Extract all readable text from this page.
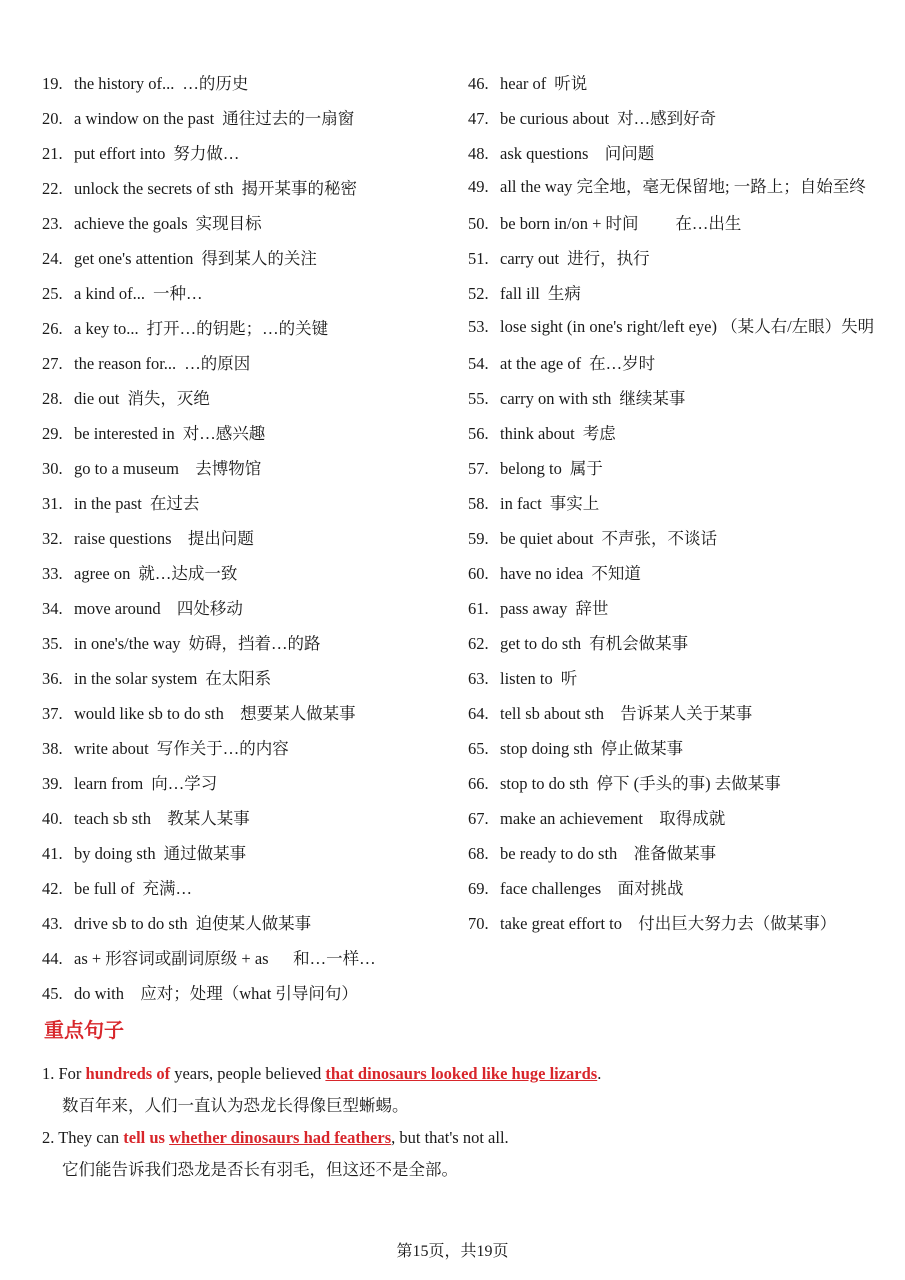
19. the history of... …的历史
20. a window on the past 通往过去的一扇窗
21. put effort into 努力做…
22. unlock the secrets of sth 揭开某事的秘密
23. achieve the goals 实现目标
24. get one's attention 得到某人的关注
25. a kind of... 一种…
26. a key to... 打开…的钥匙；…的关键
27. the reason for... …的原因
28. die out 消失，灭绝
29. be interested in 对…感兴趣
30. go to a museum 去博物馆
31. in the past 在过去
32. raise questions 提出问题
33. agree on 就…达成一致
34. move around 四处移动
35. in one's/the way 妨碍，挡着…的路
36. in the solar system 在太阳系
37. would like sb to do sth 想要某人做某事
38. write about 写作关于…的内容
39. learn from 向…学习
40. teach sb sth 教某人某事
41. by doing sth 通过做某事
42. be full of 充满…
43. drive sb to do sth 迫使某人做某事
44. as + 形容词或副词原级 + as 和…一样…
45. do with 应对；处理（what 引导问句）
46. hear of 听说
47. be curious about 对…感到好奇
48. ask questions 问问题
49. all the way 完全地，毫无保留地; 一路上；自始至终
50. be born in/on + 时间 在…出生
51. carry out 进行，执行
52. fall ill 生病
53. lose sight (in one's right/left eye) （某人右/左眼）失明
54. at the age of 在…岁时
55. carry on with sth 继续某事
56. think about 考虑
57. belong to 属于
58. in fact 事实上
59. be quiet about 不声张，不谈话
60. have no idea 不知道
61. pass away 辞世
62. get to do sth 有机会做某事
63. listen to 听
64. tell sb about sth 告诉某人关于某事
65. stop doing sth 停止做某事
66. stop to do sth 停下 (手头的事) 去做某事
67. make an achievement 取得成就
68. be ready to do sth 准备做某事
69. face challenges 面对挑战
70. take great effort to 付出巨大努力去（做某事）
重点句子
1. For hundreds of years, people believed that dinosaurs looked like huge lizards.
数百年来，人们一直认为恐龙长得像巨型蜥蜴。
2. They can tell us whether dinosaurs had feathers, but that's not all.
它们能告诉我们恐龙是否长有羽毛，但这还不是全部。
第15页，共19页
